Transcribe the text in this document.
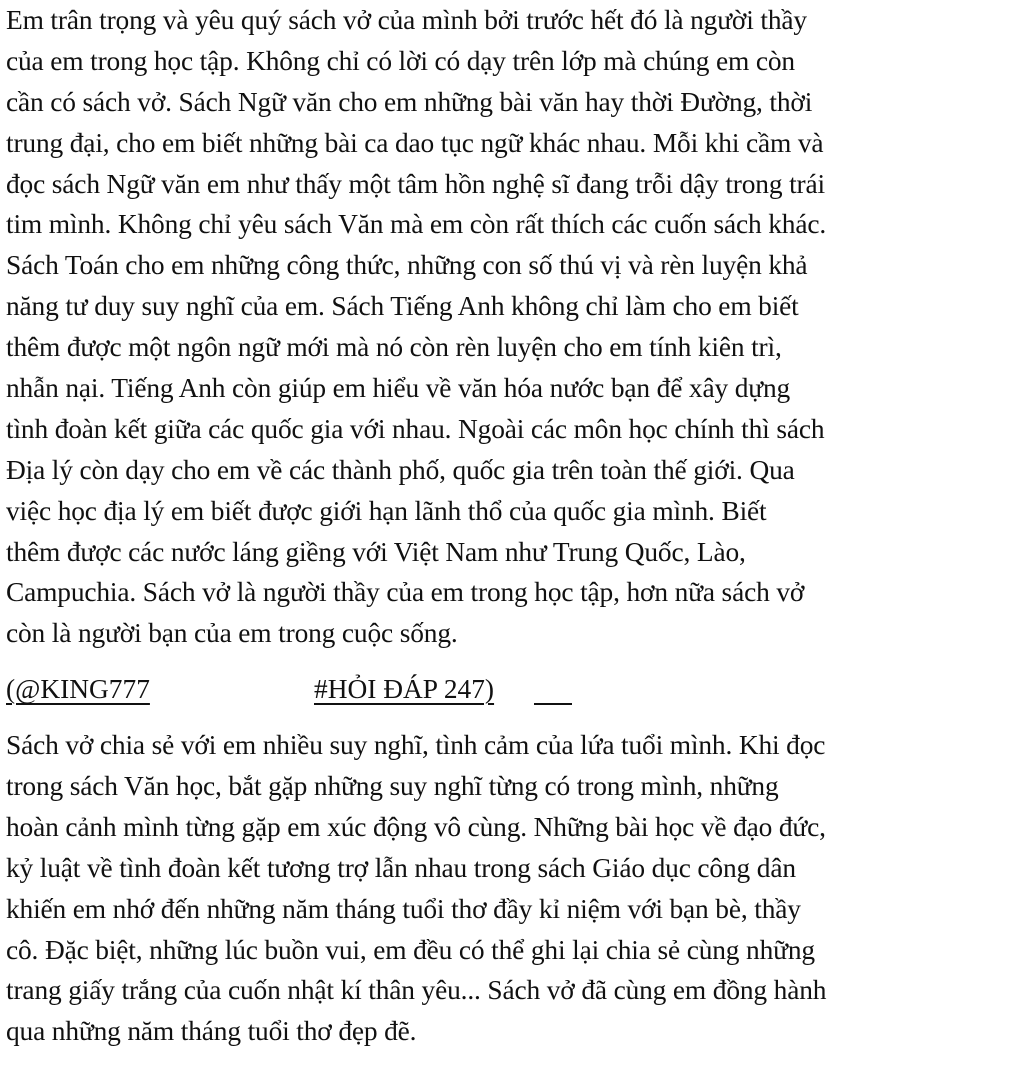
Em trân trọng và yêu quý sách vở của mình bởi trước hết đó là người thầy
của em trong học tập. Không chỉ có lời có dạy trên lớp mà chúng em còn
cần có sách vở. Sách Ngữ văn cho em những bài văn hay thời Đường, thời
trung đại, cho em biết những bài ca dao tục ngữ khác nhau. Mỗi khi cầm và
đọc sách Ngữ văn em như thấy một tâm hồn nghệ sĩ đang trỗi dậy trong trái
tim mình. Không chỉ yêu sách Văn mà em còn rất thích các cuốn sách khác.
Sách Toán cho em những công thức, những con số thú vị và rèn luyện khả
năng tư duy suy nghĩ của em. Sách Tiếng Anh không chỉ làm cho em biết
thêm được một ngôn ngữ mới mà nó còn rèn luyện cho em tính kiên trì,
nhẫn nại. Tiếng Anh còn giúp em hiểu về văn hóa nước bạn để xây dựng
tình đoàn kết giữa các quốc gia với nhau. Ngoài các môn học chính thì sách
Địa lý còn dạy cho em về các thành phố, quốc gia trên toàn thế giới. Qua
việc học địa lý em biết được giới hạn lãnh thổ của quốc gia mình. Biết
thêm được các nước láng giềng với Việt Nam như Trung Quốc, Lào,
Campuchia. Sách vở là người thầy của em trong học tập, hơn nữa sách vở
còn là người bạn của em trong cuộc sống.
(@KING777	#HỎI ĐÁP 247)
Sách vở chia sẻ với em nhiều suy nghĩ, tình cảm của lứa tuổi mình. Khi đọc
trong sách Văn học, bắt gặp những suy nghĩ từng có trong mình, những
hoàn cảnh mình từng gặp em xúc động vô cùng. Những bài học về đạo đức,
kỷ luật về tình đoàn kết tương trợ lẫn nhau trong sách Giáo dục công dân
khiến em nhớ đến những năm tháng tuổi thơ đầy kỉ niệm với bạn bè, thầy
cô. Đặc biệt, những lúc buồn vui, em đều có thể ghi lại chia sẻ cùng những
trang giấy trắng của cuốn nhật kí thân yêu... Sách vở đã cùng em đồng hành
qua những năm tháng tuổi thơ đẹp đẽ.
